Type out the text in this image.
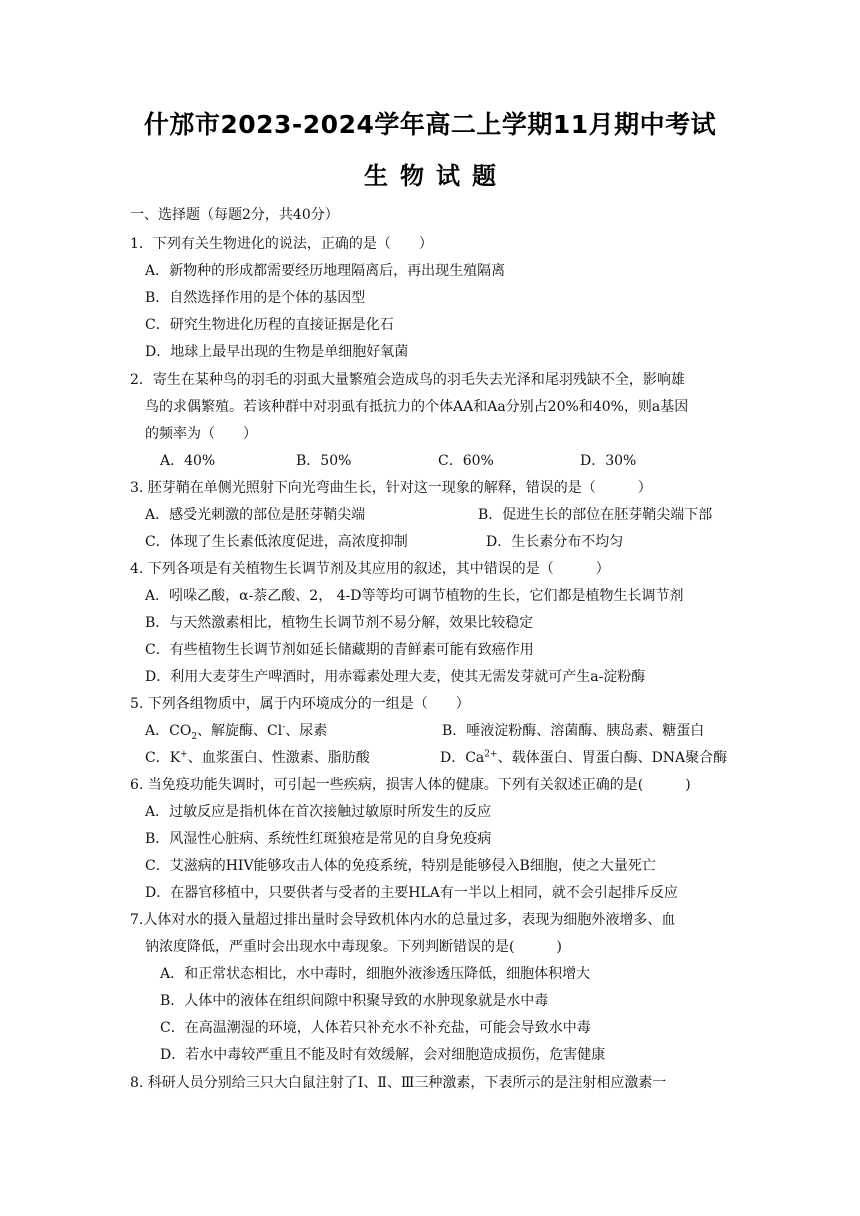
什邡市2023-2024学年高二上学期11月期中考试
生物试题
一、选择题（每题2分，共40分）
1．下列有关生物进化的说法，正确的是（　　）
A．新物种的形成都需要经历地理隔离后，再出现生殖隔离
B．自然选择作用的是个体的基因型
C．研究生物进化历程的直接证据是化石
D．地球上最早出现的生物是单细胞好氧菌
2．寄生在某种鸟的羽毛的羽虱大量繁殖会造成鸟的羽毛失去光泽和尾羽残缺不全，影响雄
鸟的求偶繁殖。若该种群中对羽虱有抵抗力的个体AA和Aa分别占20%和40%，则a基因
的频率为（　　）
A．40%	B．50%	C．60%	D．30%
3. 胚芽鞘在单侧光照射下向光弯曲生长，针对这一现象的解释，错误的是（　　　）
A．感受光刺激的部位是胚芽鞘尖端	B．促进生长的部位在胚芽鞘尖端下部
C．体现了生长素低浓度促进，高浓度抑制	D．生长素分布不均匀
4. 下列各项是有关植物生长调节剂及其应用的叙述，其中错误的是（　　　）
A．吲哚乙酸，α-萘乙酸、2， 4-D等等均可调节植物的生长，它们都是植物生长调节剂
B．与天然激素相比，植物生长调节剂不易分解，效果比较稳定
C．有些植物生长调节剂如延长储藏期的青鲜素可能有致癌作用
D．利用大麦芽生产啤酒时，用赤霉素处理大麦，使其无需发芽就可产生a-淀粉酶
5. 下列各组物质中，属于内环境成分的一组是（　　）
A．$CO_2$、解旋酶、Cl-、尿素	B．唾液淀粉酶、溶菌酶、胰岛素、糖蛋白
C．K+、血浆蛋白、性激素、脂肪酸	D．$Ca^{2+}$、载体蛋白、胃蛋白酶、DNA聚合酶
6. 当免疫功能失调时，可引起一些疾病，损害人体的健康。下列有关叙述正确的是(　　　)
A．过敏反应是指机体在首次接触过敏原时所发生的反应
B．风湿性心脏病、系统性红斑狼疮是常见的自身免疫病
C．艾滋病的HIV能够攻击人体的免疫系统，特别是能够侵入B细胞，使之大量死亡
D．在器官移植中，只要供者与受者的主要HLA有一半以上相同，就不会引起排斥反应
7.人体对水的摄入量超过排出量时会导致机体内水的总量过多，表现为细胞外液增多、血
钠浓度降低，严重时会出现水中毒现象。下列判断错误的是(　　　)
A．和正常状态相比，水中毒时，细胞外液渗透压降低，细胞体积增大
B．人体中的液体在组织间隙中积聚导致的水肿现象就是水中毒
C．在高温潮湿的环境，人体若只补充水不补充盐，可能会导致水中毒
D．若水中毒较严重且不能及时有效缓解，会对细胞造成损伤，危害健康
8. 科研人员分别给三只大白鼠注射了Ⅰ、Ⅱ、Ⅲ三种激素，下表所示的是注射相应激素一
